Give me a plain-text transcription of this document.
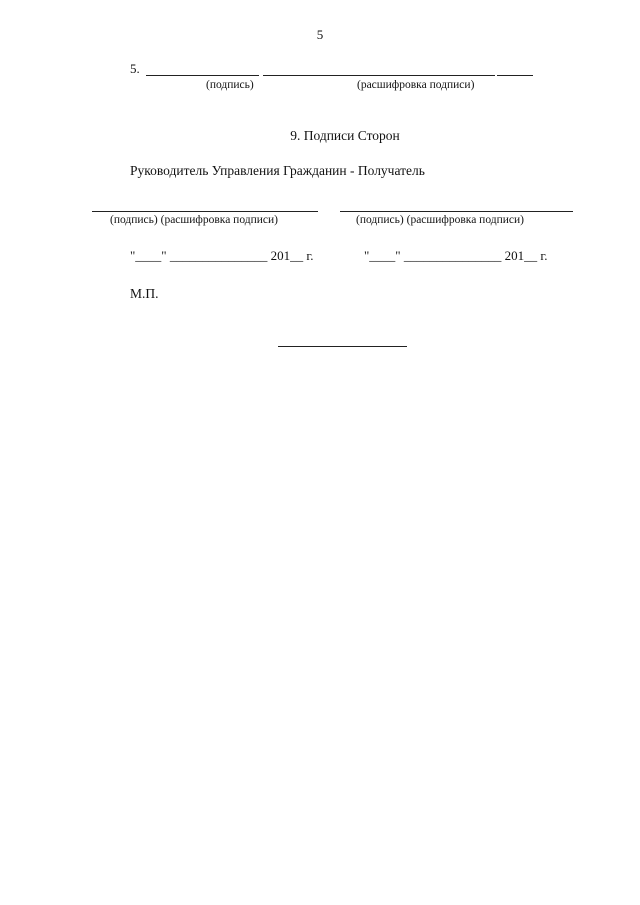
5
5.
(подпись)	(расшифровка подписи)
9. Подписи Сторон
Руководитель Управления Гражданин - Получатель
(подпись) (расшифровка подписи)	(подпись) (расшифровка подписи)
"____" _______________ 201__ г.	"____" _______________ 201__ г.
М.П.
